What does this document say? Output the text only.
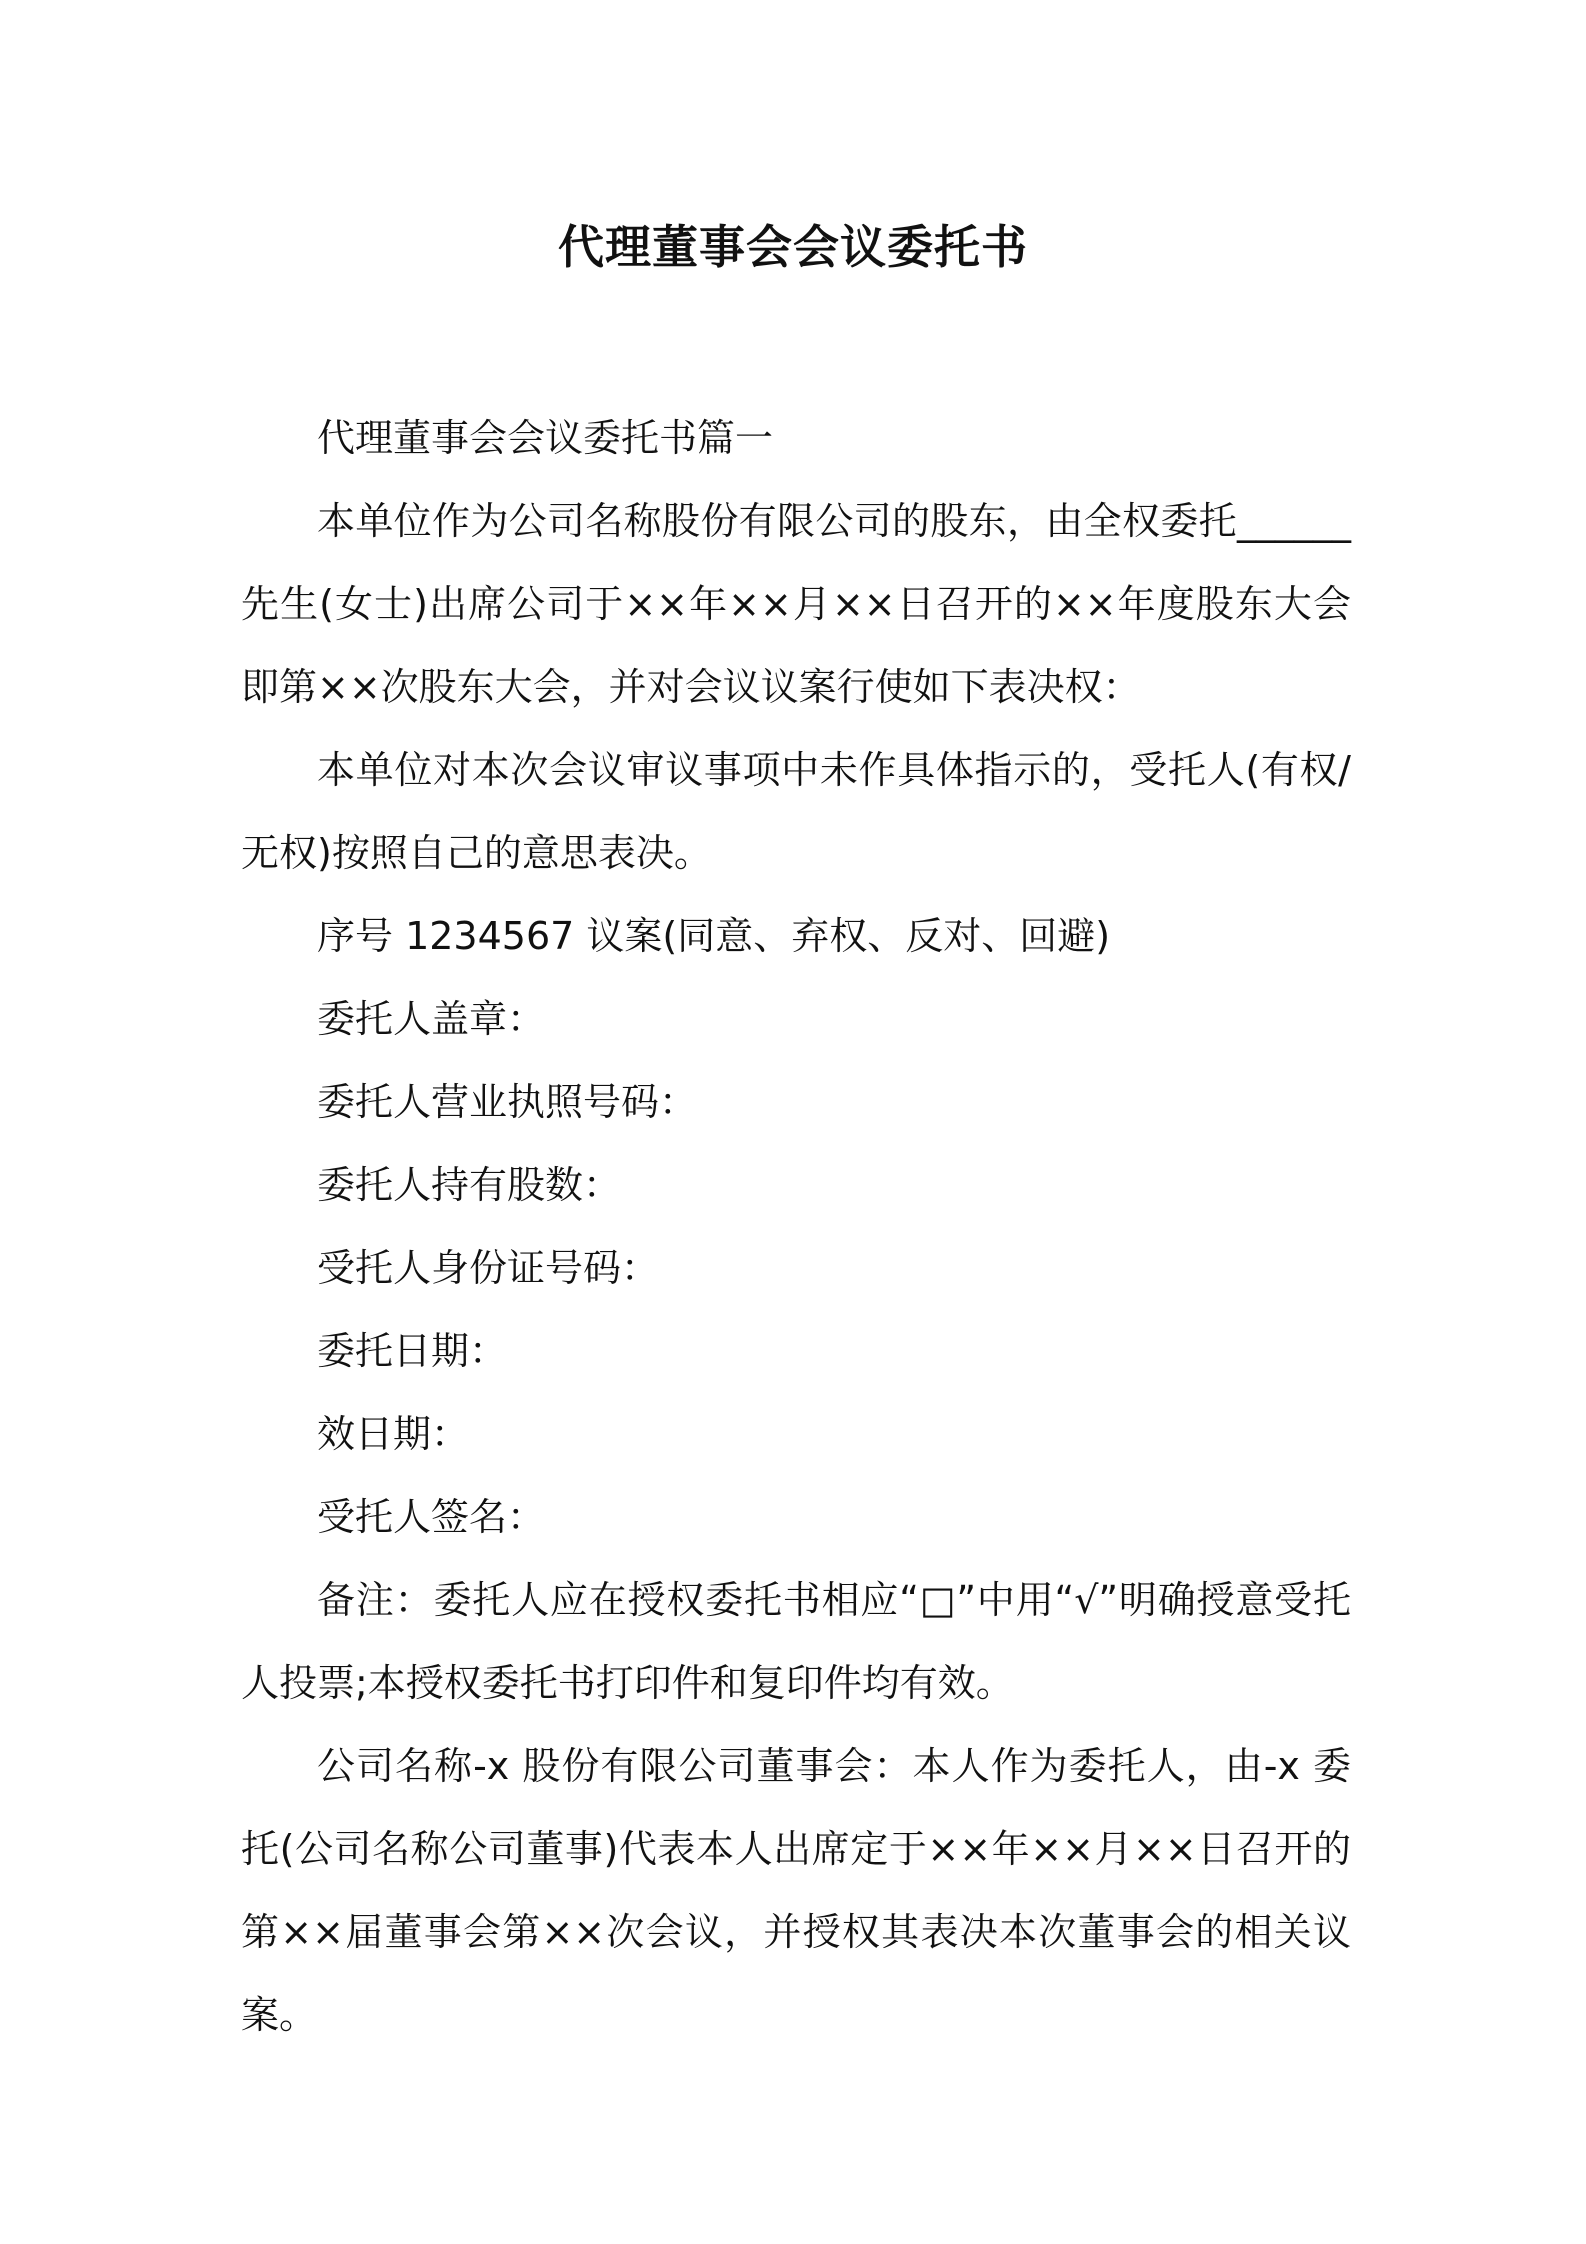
代理董事会会议委托书

代理董事会会议委托书篇一

本单位作为公司名称股份有限公司的股东，由全权委托______先生(女士)出席公司于××年××月××日召开的××年度股东大会即第××次股东大会，并对会议议案行使如下表决权：

本单位对本次会议审议事项中未作具体指示的，受托人(有权/无权)按照自己的意思表决。

序号 1234567 议案(同意、弃权、反对、回避)

委托人盖章：

委托人营业执照号码：

委托人持有股数：

受托人身份证号码：

委托日期：

效日期：

受托人签名：

备注：委托人应在授权委托书相应“□”中用“√”明确授意受托人投票;本授权委托书打印件和复印件均有效。

公司名称-x 股份有限公司董事会：本人作为委托人，由-x 委托(公司名称公司董事)代表本人出席定于××年××月××日召开的第××届董事会第××次会议，并授权其表决本次董事会的相关议案。
